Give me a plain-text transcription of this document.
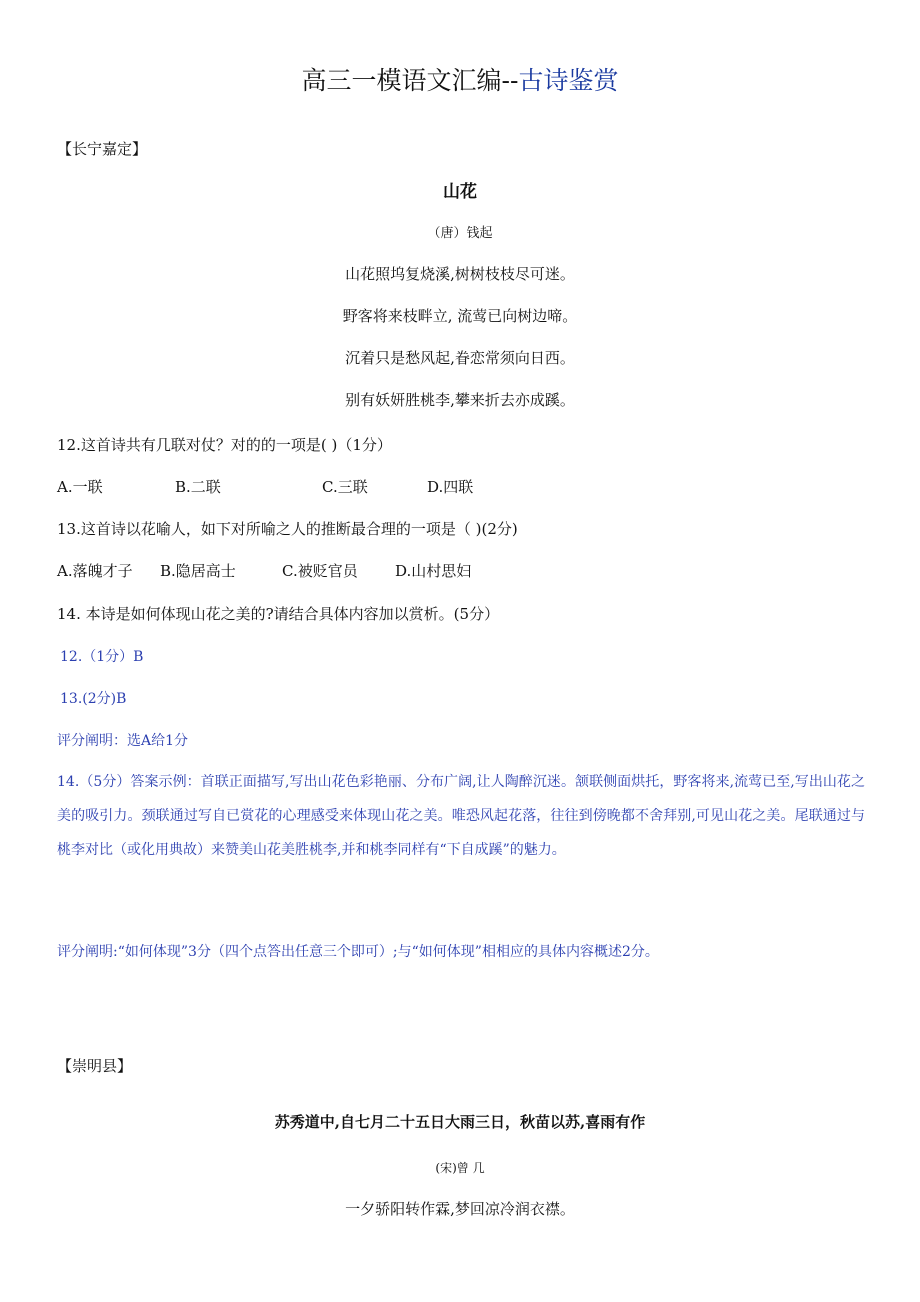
高三一模语文汇编--古诗鉴赏
【长宁嘉定】
山花
（唐）钱起
山花照坞复烧溪,树树枝枝尽可迷。
野客将来枝畔立, 流莺已向树边啼。
沉着只是愁风起,眷恋常须向日西。
别有妖妍胜桃李,攀来折去亦成蹊。
12.这首诗共有几联对仗？对的的一项是( )（1分）
A.一联	B.二联	C.三联	D.四联
13.这首诗以花喻人，如下对所喻之人的推断最合理的一项是（ )(2分)
A.落魄才子 B.隐居高士	C.被贬官员 D.山村思妇
14. 本诗是如何体现山花之美的?请结合具体内容加以赏析。(5分）
12.（1分）B
13.(2分)B
评分阐明：选A给1分
14.（5分）答案示例：首联正面描写,写出山花色彩艳丽、分布广阔,让人陶醉沉迷。颔联侧面烘托，野客将来,流莺已至,写出山花之美的吸引力。颈联通过写自已赏花的心理感受来体现山花之美。唯恐风起花落，往往到傍晚都不舍拜别,可见山花之美。尾联通过与桃李对比（或化用典故）来赞美山花美胜桃李,并和桃李同样有“下自成蹊”的魅力。
评分阐明:“如何体现”3分（四个点答出任意三个即可）;与“如何体现”相相应的具体内容概述2分。
【崇明县】
苏秀道中,自七月二十五日大雨三日，秋苗以苏,喜雨有作
(宋)曾 几
一夕骄阳转作霖,梦回凉冷润衣襟。
